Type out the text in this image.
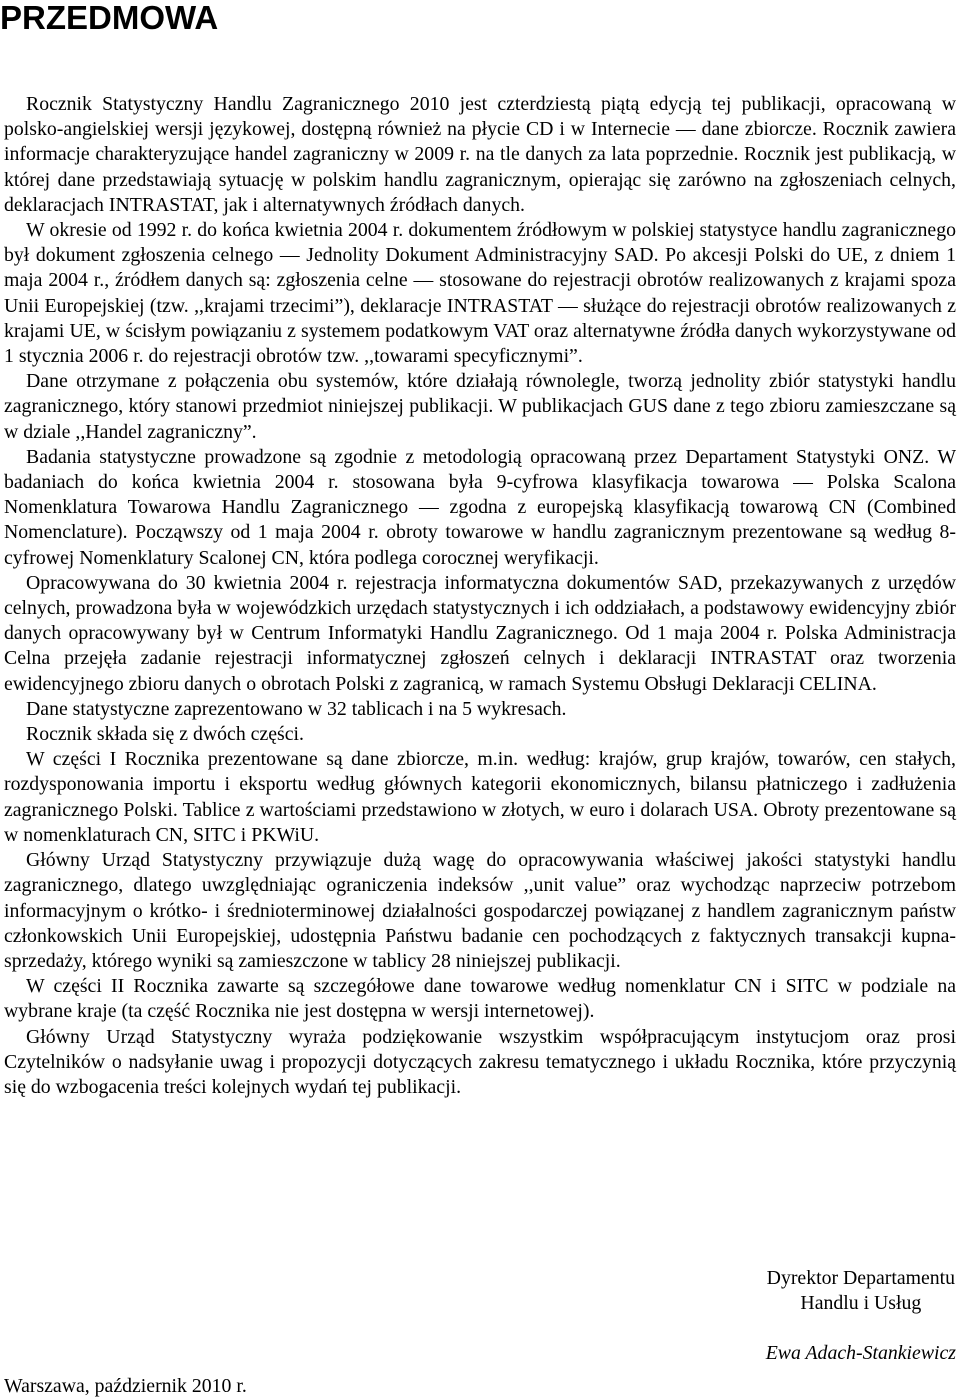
PRZEDMOWA

Rocznik Statystyczny Handlu Zagranicznego 2010 jest czterdziestą piątą edycją tej publikacji, opracowaną w polsko-angielskiej wersji językowej, dostępną również na płycie CD i w Internecie — dane zbiorcze. Rocznik zawiera informacje charakteryzujące handel zagraniczny w 2009 r. na tle danych za lata poprzednie. Rocznik jest publikacją, w której dane przedstawiają sytuację w polskim handlu zagranicznym, opierając się zarówno na zgłoszeniach celnych, deklaracjach INTRASTAT, jak i alternatywnych źródłach danych.

W okresie od 1992 r. do końca kwietnia 2004 r. dokumentem źródłowym w polskiej statystyce handlu zagranicznego był dokument zgłoszenia celnego — Jednolity Dokument Administracyjny SAD. Po akcesji Polski do UE, z dniem 1 maja 2004 r., źródłem danych są: zgłoszenia celne — stosowane do rejestracji obrotów realizowanych z krajami spoza Unii Europejskiej (tzw. ,,krajami trzecimi”), deklaracje INTRASTAT — służące do rejestracji obrotów realizowanych z krajami UE, w ścisłym powiązaniu z systemem podatkowym VAT oraz alternatywne źródła danych wykorzystywane od 1 stycznia 2006 r. do rejestracji obrotów tzw. ,,towarami specyficznymi”.

Dane otrzymane z połączenia obu systemów, które działają równolegle, tworzą jednolity zbiór statystyki handlu zagranicznego, który stanowi przedmiot niniejszej publikacji. W publikacjach GUS dane z tego zbioru zamieszczane są w dziale ,,Handel zagraniczny”.

Badania statystyczne prowadzone są zgodnie z metodologią opracowaną przez Departament Statystyki ONZ. W badaniach do końca kwietnia 2004 r. stosowana była 9-cyfrowa klasyfikacja towarowa — Polska Scalona Nomenklatura Towarowa Handlu Zagranicznego — zgodna z europejską klasyfikacją towarową CN (Combined Nomenclature). Począwszy od 1 maja 2004 r. obroty towarowe w handlu zagranicznym prezentowane są według 8-cyfrowej Nomenklatury Scalonej CN, która podlega corocznej weryfikacji.

Opracowywana do 30 kwietnia 2004 r. rejestracja informatyczna dokumentów SAD, przekazywanych z urzędów celnych, prowadzona była w wojewódzkich urzędach statystycznych i ich oddziałach, a podstawowy ewidencyjny zbiór danych opracowywany był w Centrum Informatyki Handlu Zagranicznego. Od 1 maja 2004 r. Polska Administracja Celna przejęła zadanie rejestracji informatycznej zgłoszeń celnych i deklaracji INTRASTAT oraz tworzenia ewidencyjnego zbioru danych o obrotach Polski z zagranicą, w ramach Systemu Obsługi Deklaracji CELINA.

Dane statystyczne zaprezentowano w 32 tablicach i na 5 wykresach.

Rocznik składa się z dwóch części.

W części I Rocznika prezentowane są dane zbiorcze, m.in. według: krajów, grup krajów, towarów, cen stałych, rozdysponowania importu i eksportu według głównych kategorii ekonomicznych, bilansu płatniczego i zadłużenia zagranicznego Polski. Tablice z wartościami przedstawiono w złotych, w euro i dolarach USA. Obroty prezentowane są w nomenklaturach CN, SITC i PKWiU.

Główny Urząd Statystyczny przywiązuje dużą wagę do opracowywania właściwej jakości statystyki handlu zagranicznego, dlatego uwzględniając ograniczenia indeksów ,,unit value” oraz wychodząc naprzeciw potrzebom informacyjnym o krótko- i średnioterminowej działalności gospodarczej powiązanej z handlem zagranicznym państw członkowskich Unii Europejskiej, udostępnia Państwu badanie cen pochodzących z faktycznych transakcji kupna-sprzedaży, którego wyniki są zamieszczone w tablicy 28 niniejszej publikacji.

W części II Rocznika zawarte są szczegółowe dane towarowe według nomenklatur CN i SITC w podziale na wybrane kraje (ta część Rocznika nie jest dostępna w wersji internetowej).

Główny Urząd Statystyczny wyraża podziękowanie wszystkim współpracującym instytucjom oraz prosi Czytelników o nadsyłanie uwag i propozycji dotyczących zakresu tematycznego i układu Rocznika, które przyczynią się do wzbogacenia treści kolejnych wydań tej publikacji.

Dyrektor Departamentu
Handlu i Usług
Ewa Adach-Stankiewicz
Warszawa, październik 2010 r.
